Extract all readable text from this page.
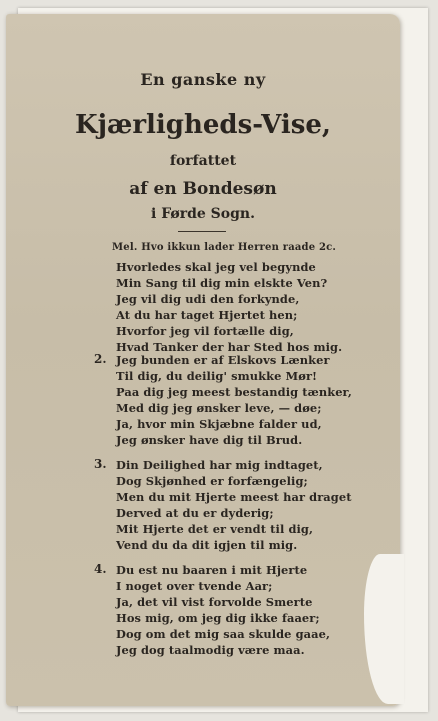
En ganske ny

Kjærligheds-Vise,

forfattet

af en Bondesøn

i Førde Sogn.

Mel. Hvo ikkun lader Herren raade 2c.

Hvorledes skal jeg vel begynde

Min Sang til dig min elskte Ven?

Jeg vil dig udi den forkynde,

At du har taget Hjertet hen;

Hvorfor jeg vil fortælle dig,

Hvad Tanker der har Sted hos mig.

2. Jeg bunden er af Elskovs Lænker

Til dig, du deilig' smukke Mør!

Paa dig jeg meest bestandig tænker,

Med dig jeg ønsker leve, — døe;

Ja, hvor min Skjæbne falder ud,

Jeg ønsker have dig til Brud.

3. Din Deilighed har mig indtaget,

Dog Skjønhed er forfængelig;

Men du mit Hjerte meest har draget

Derved at du er dyderig;

Mit Hjerte det er vendt til dig,

Vend du da dit igjen til mig.

4. Du est nu baaren i mit Hjerte

I noget over tvende Aar;

Ja, det vil vist forvolde Smerte

Hos mig, om jeg dig ikke faaer;

Dog om det mig saa skulde gaae,

Jeg dog taalmodig være maa.
